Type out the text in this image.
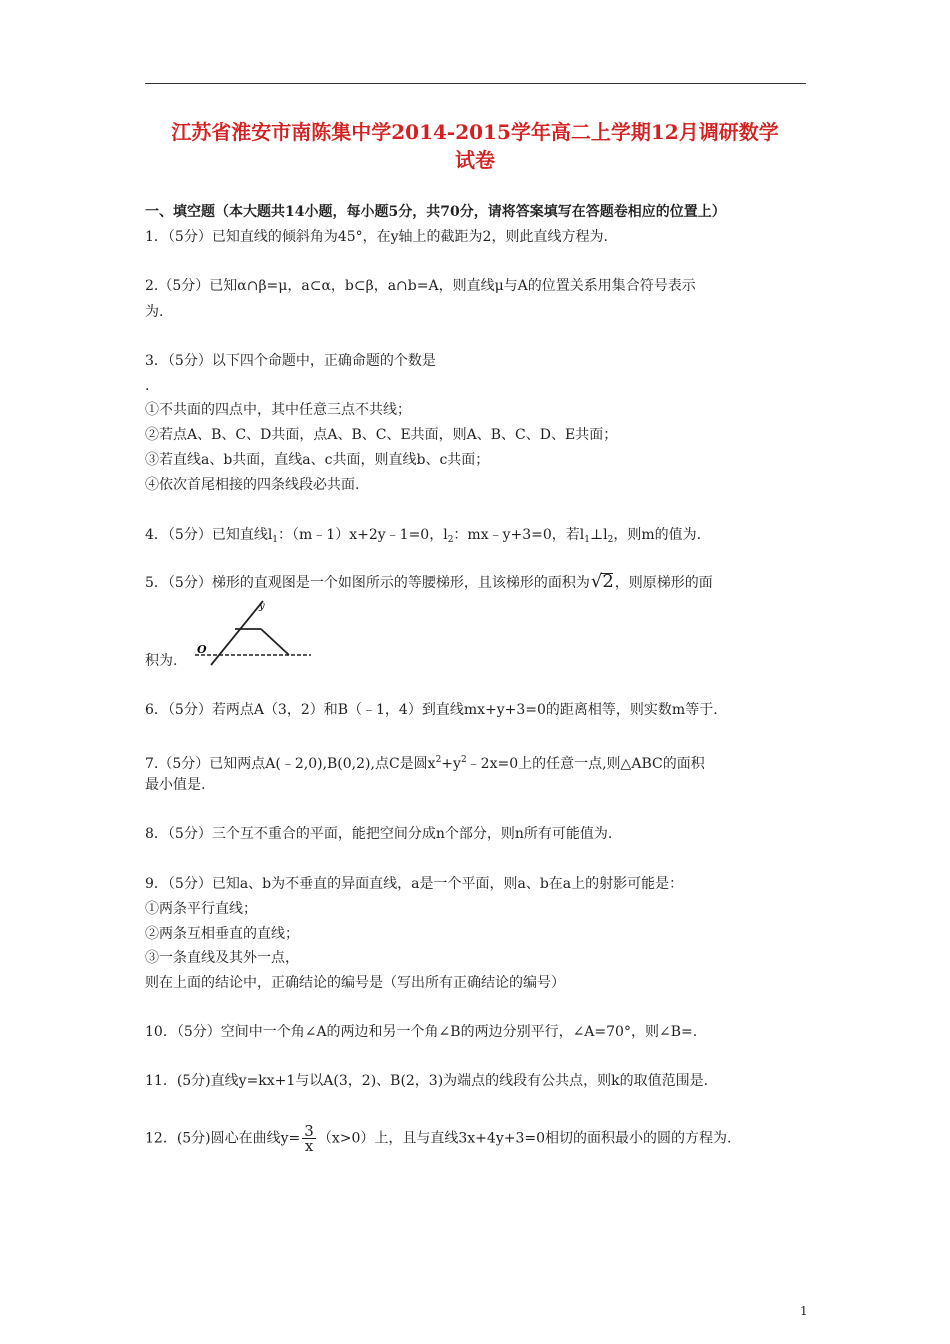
江苏省淮安市南陈集中学2014-2015学年高二上学期12月调研数学
试卷
一、填空题（本大题共14小题，每小题5分，共70分，请将答案填写在答题卷相应的位置上）
1．（5分）已知直线的倾斜角为45°，在y轴上的截距为2，则此直线方程为.
2.（5分）已知α∩β=μ，a⊂α，b⊂β，a∩b=A，则直线μ与A的位置关系用集合符号表示
为.
3．（5分）以下四个命题中，正确命题的个数是
.
①不共面的四点中，其中任意三点不共线；
②若点A、B、C、D共面，点A、B、C、E共面，则A、B、C、D、E共面；
③若直线a、b共面，直线a、c共面，则直线b、c共面；
④依次首尾相接的四条线段必共面.
4．（5分）已知直线$l_1$：（m﹣1）x+2y﹣1=0，$l_2$：mx﹣y+3=0，若$l_1\perp l_2$，则m的值为.
5．（5分）梯形的直观图是一个如图所示的等腰梯形，且该梯形的面积为√
2，则原梯形的面
y
O
积为.
6．（5分）若两点A（3，2）和B（﹣1，4）到直线mx+y+3=0的距离相等，则实数m等于.
7.（5分）已知两点A(﹣2,0),B(0,2),点C是圆$x^2+y^2﹣2x=0$上的任意一点,则△ABC的面积
最小值是.
8．（5分）三个互不重合的平面，能把空间分成n个部分，则n所有可能值为.
9．（5分）已知a、b为不垂直的异面直线，a是一个平面，则a、b在a上的射影可能是：
①两条平行直线；
②两条互相垂直的直线；
③一条直线及其外一点，
则在上面的结论中，正确结论的编号是（写出所有正确结论的编号）
10．（5分）空间中一个角∠A的两边和另一个角∠B的两边分别平行，∠A=70°，则∠B=.
11．(5分)直线y=kx+1与以A(3，2)、B(2，3)为端点的线段有公共点，则k的取值范围是.
12．(5分)圆心在曲线$y= \frac{3}{x} (x>0)$上，且与直线3x+4y+3=0相切的面积最小的圆的方程为.
1
